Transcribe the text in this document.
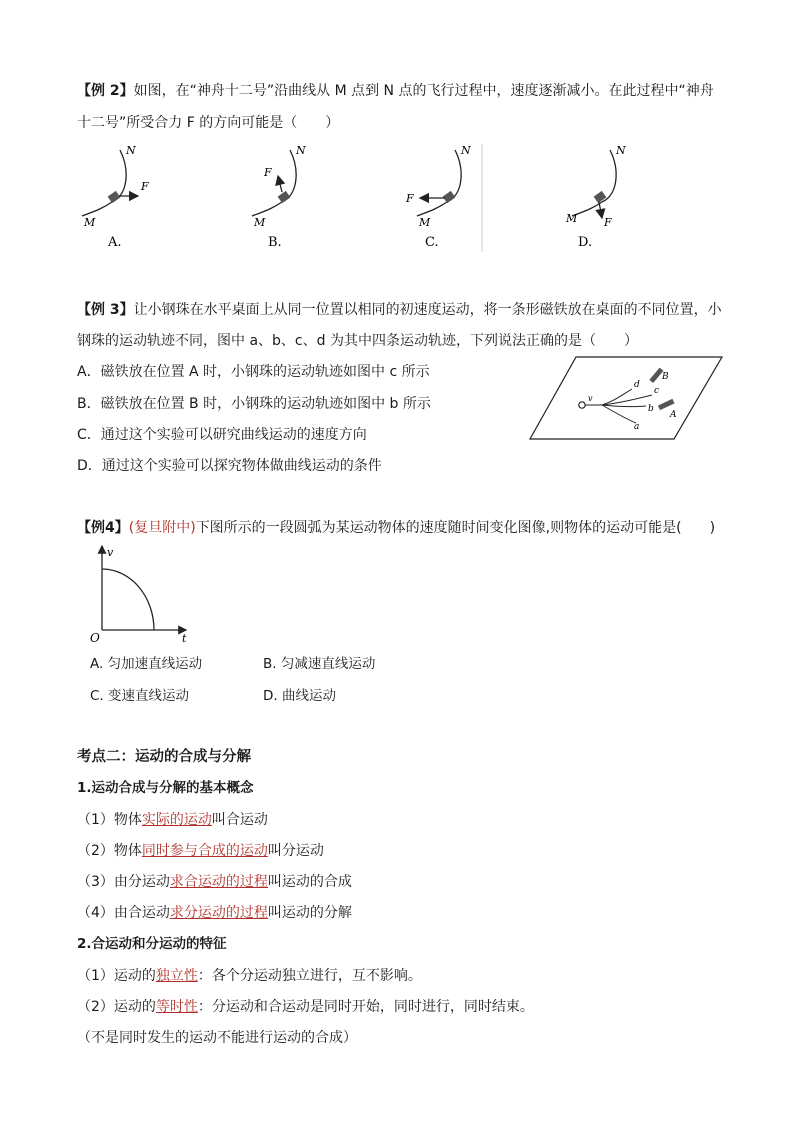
【例 2】如图，在“神舟十二号”沿曲线从 M 点到 N 点的飞行过程中，速度逐渐减小。在此过程中“神舟
十二号”所受合力 F 的方向可能是（　　）
N
F
M
A.
N
F
M
B.
N
F
M
C.
N
F
M
D.
【例 3】让小钢珠在水平桌面上从同一位置以相同的初速度运动，将一条形磁铁放在桌面的不同位置，小
钢珠的运动轨迹不同，图中 a、b、c、d 为其中四条运动轨迹，下列说法正确的是（　　）
A．磁铁放在位置 A 时，小钢珠的运动轨迹如图中 c 所示
B．磁铁放在位置 B 时，小钢珠的运动轨迹如图中 b 所示
C．通过这个实验可以研究曲线运动的速度方向
D．通过这个实验可以探究物体做曲线运动的条件
v
d
c
b
a
B
A
【例4】(复旦附中)下图所示的一段圆弧为某运动物体的速度随时间变化图像,则物体的运动可能是(　　)
v
t
O
A. 匀加速直线运动	B. 匀减速直线运动
C. 变速直线运动	D. 曲线运动
考点二：运动的合成与分解
1.运动合成与分解的基本概念
（1）物体实际的运动叫合运动
（2）物体同时参与合成的运动叫分运动
（3）由分运动求合运动的过程叫运动的合成
（4）由合运动求分运动的过程叫运动的分解
2.合运动和分运动的特征
（1）运动的独立性：各个分运动独立进行，互不影响。
（2）运动的等时性：分运动和合运动是同时开始，同时进行，同时结束。
（不是同时发生的运动不能进行运动的合成）
